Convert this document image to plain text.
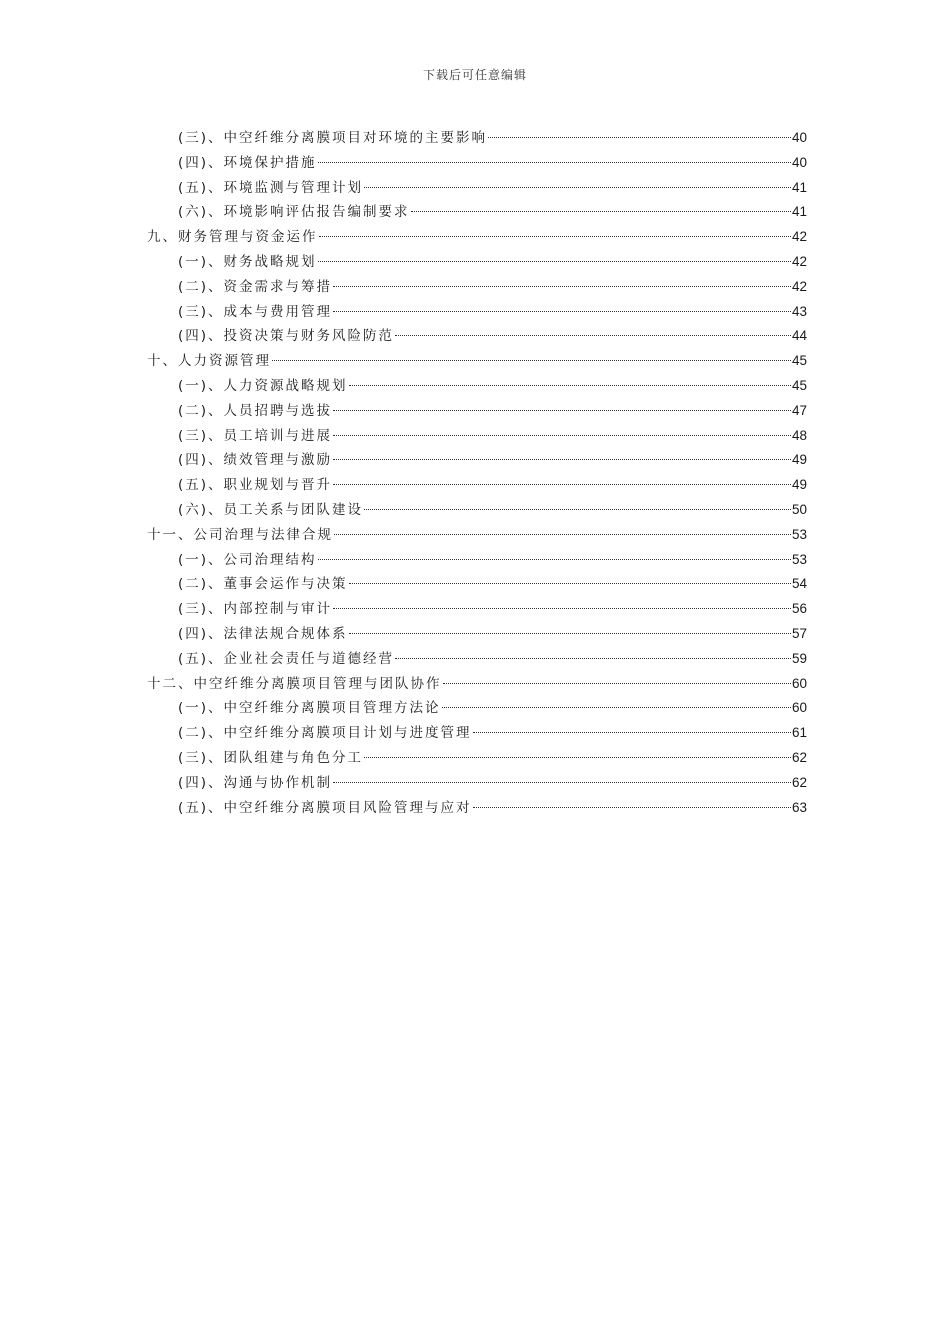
下载后可任意编辑
(三)、中空纤维分离膜项目对环境的主要影响	40
(四)、环境保护措施	40
(五)、环境监测与管理计划	41
(六)、环境影响评估报告编制要求	41
九、财务管理与资金运作	42
(一)、财务战略规划	42
(二)、资金需求与筹措	42
(三)、成本与费用管理	43
(四)、投资决策与财务风险防范	44
十、人力资源管理	45
(一)、人力资源战略规划	45
(二)、人员招聘与选拔	47
(三)、员工培训与进展	48
(四)、绩效管理与激励	49
(五)、职业规划与晋升	49
(六)、员工关系与团队建设	50
十一、公司治理与法律合规	53
(一)、公司治理结构	53
(二)、董事会运作与决策	54
(三)、内部控制与审计	56
(四)、法律法规合规体系	57
(五)、企业社会责任与道德经营	59
十二、中空纤维分离膜项目管理与团队协作	60
(一)、中空纤维分离膜项目管理方法论	60
(二)、中空纤维分离膜项目计划与进度管理	61
(三)、团队组建与角色分工	62
(四)、沟通与协作机制	62
(五)、中空纤维分离膜项目风险管理与应对	63
